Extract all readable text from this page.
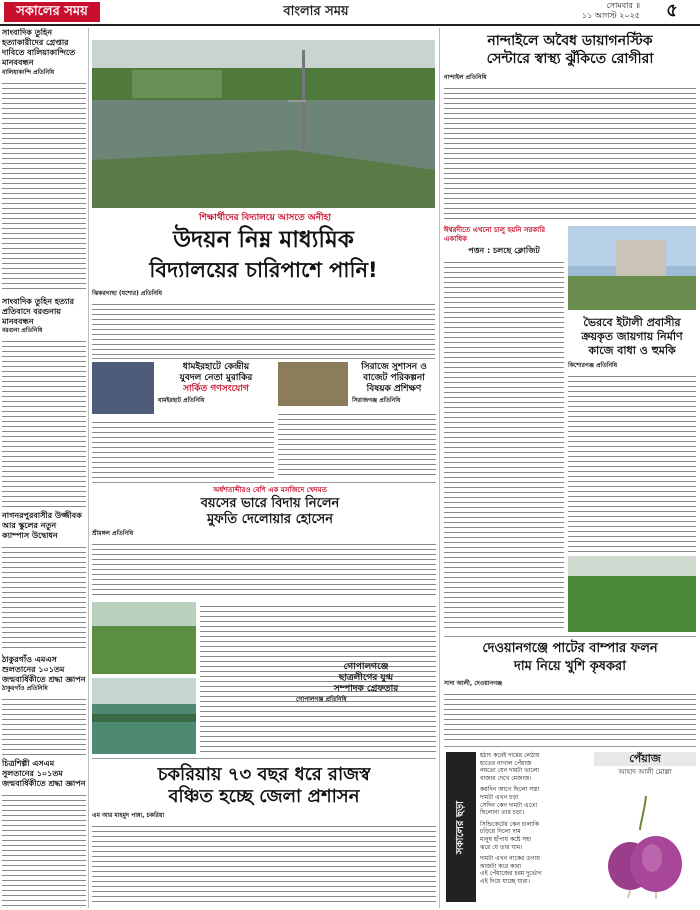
সকালের সময়	বাংলার সময়	সোমবার ॥
১১ আগস্ট ২০২৫	৫
সাংবাদিক তুহিন হত্যাকারীদের গ্রেপ্তার দাবিতে বালিয়াকান্দিতে মানববন্ধন
বালিয়াকান্দি প্রতিনিধি
সাংবাদিক তুহিন হত্যার প্রতিবাদে বরগুনায় মানববন্ধন
বরগুনা প্রতিনিধি
নাগনরপুরবাসীর উজ্জীবক আর স্কুলের নতুন ক্যাম্পাস উদ্বোধন
ঠাকুরগাঁও এমএস শুলতানের ১০১তম জন্মবার্ষিকীতে শ্রদ্ধা জ্ঞাপন
ঠাকুরগাঁও প্রতিনিধি
চিত্রশিল্পী এসএম সুলতানের ১০১তম জন্মবার্ষিকীতে শ্রদ্ধা জ্ঞাপন
শিক্ষার্থীদের বিদ্যালয়ে আসতে অনীহা
উদয়ন নিম্ন মাধ্যমিক
বিদ্যালয়ের চারিপাশে পানি!
ঝিকরগাছা (যশোর) প্রতিনিধি
ধামইরহাটে কেন্দ্রীয়
যুবদল নেতা মুরাকির
সার্কিত গণসংযোগ
ধামইরহাট প্রতিনিধি
সিরাজে সুশাসন ও
বাজেট পরিকল্পনা
বিষয়ক প্রশিক্ষণ
সিরাজগঞ্জ প্রতিনিধি
অর্ধশতাব্দীরও বেশি এক মসজিদে খেদমত
বয়সের ভারে বিদায় নিলেন
মুফতি দেলোয়ার হোসেন
শ্রীমঙ্গল প্রতিনিধি
গোপালগঞ্জে
ছাত্রলীগের যুগ্ম
সম্পাদক গ্রেফতার
গোপালগঞ্জ প্রতিনিধি
চকরিয়ায় ৭৩ বছর ধরে রাজস্ব
বঞ্চিত হচ্ছে জেলা প্রশাসন
এম আর মাহমুদ পান্না, চকরিয়া
নান্দাইলে অবৈধ ডায়াগনস্টিক
সেন্টারে স্বাস্থ্য ঝুঁকিতে রোগীরা
নান্দাইল প্রতিনিধি
ঈশ্বরদীতে এখনো চালু হয়নি সরকারি একাধিক
পত্তন : চলছে ক্লোজিট
ভৈরবে ইটালী প্রবাসীর
ক্রয়কৃত জায়গায় নির্মাণ
কাজে বাধা ও হুমকি
কিশোরগঞ্জ প্রতিনিধি
দেওয়ানগঞ্জে পাটের বাম্পার ফলন
দাম নিয়ে খুশি কৃষকরা
সাদা আলী, দেওয়ানগঞ্জ
সকালের ছড়া
হঠাৎ করেই দামের লেঠায়
হাতের নাগাল পেঁয়াজ
নয়তো যেন দামটা ভালো
বাজার দেখে মেজাজ।
কয়দিন আগে ছিলো সস্তা
দামটা এখন চড়া
সেদিন কেন দামটা এতো
ছিলোনা তার চড়া।
সিন্ডিকেটের কেন চালাকি
চড়িয়ে দিলো দাম
মানুষ হাঁপায় কষ্টে সহা
ঝরে যে তার ঘাম।
দামটা এখন নাকের ডগায়
কাজটা করে কারা
এই পেঁয়াজের চরম দুর্ভোগ
এই দিয়ে যাচ্ছে যারা।
পেঁয়াজ
আহাদ আলী মোল্লা
